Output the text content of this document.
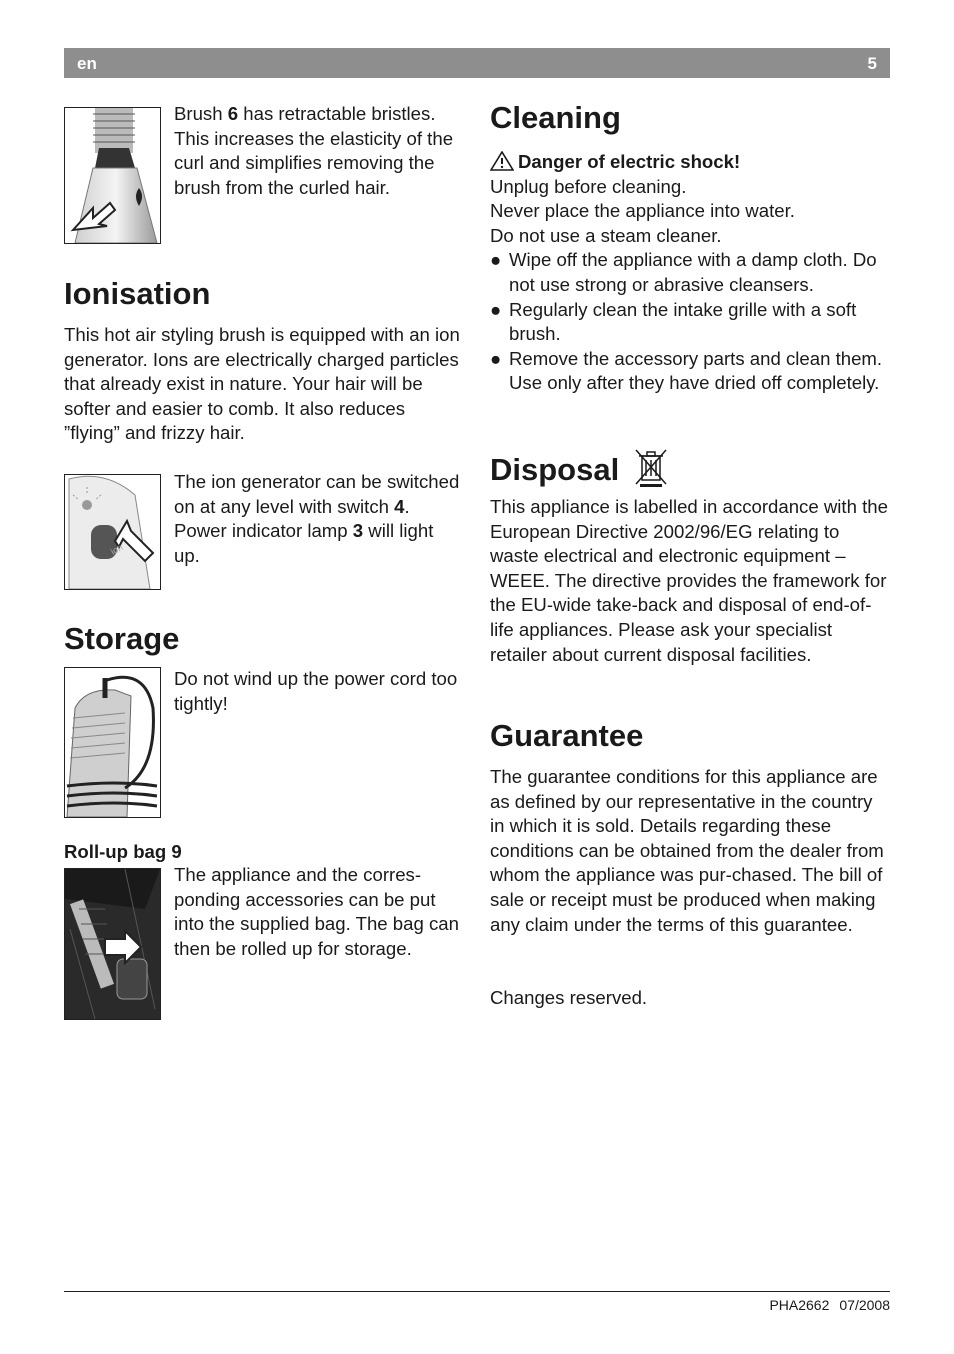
en	5
Brush 6 has retractable bristles. This increases the elasticity of the curl and simplifies removing the brush from the curled hair.
Ionisation
This hot air styling brush is equipped with an ion generator. Ions are electrically charged particles that already exist in nature. Your hair will be softer and easier to comb. It also reduces ”flying” and frizzy hair.
ion
The ion generator can be switched on at any level with switch 4. Power indicator lamp 3 will light up.
Storage
Do not wind up the power cord too tightly!
Roll-up bag 9
The appliance and the corres-ponding accessories can be put into the supplied bag. The bag can then be rolled up for storage.
Cleaning
Danger of electric shock!
Unplug before cleaning.
Never place the appliance into water.
Do not use a steam cleaner.
● Wipe off the appliance with a damp cloth. Do not use strong or abrasive cleansers.
● Regularly clean the intake grille with a soft brush.
● Remove the accessory parts and clean them. Use only after they have dried off completely.
Disposal
This appliance is labelled in accordance with the European Directive 2002/96/EG relating to waste electrical and electronic equipment – WEEE. The directive provides the framework for the EU-wide take-back and disposal of end-of-life appliances. Please ask your specialist retailer about current disposal facilities.
Guarantee
The guarantee conditions for this appliance are as defined by our representative in the country in which it is sold. Details regarding these conditions can be obtained from the dealer from whom the appliance was pur-chased. The bill of sale or receipt must be produced when making any claim under the terms of this guarantee.
Changes reserved.
PHA2662 07/2008
